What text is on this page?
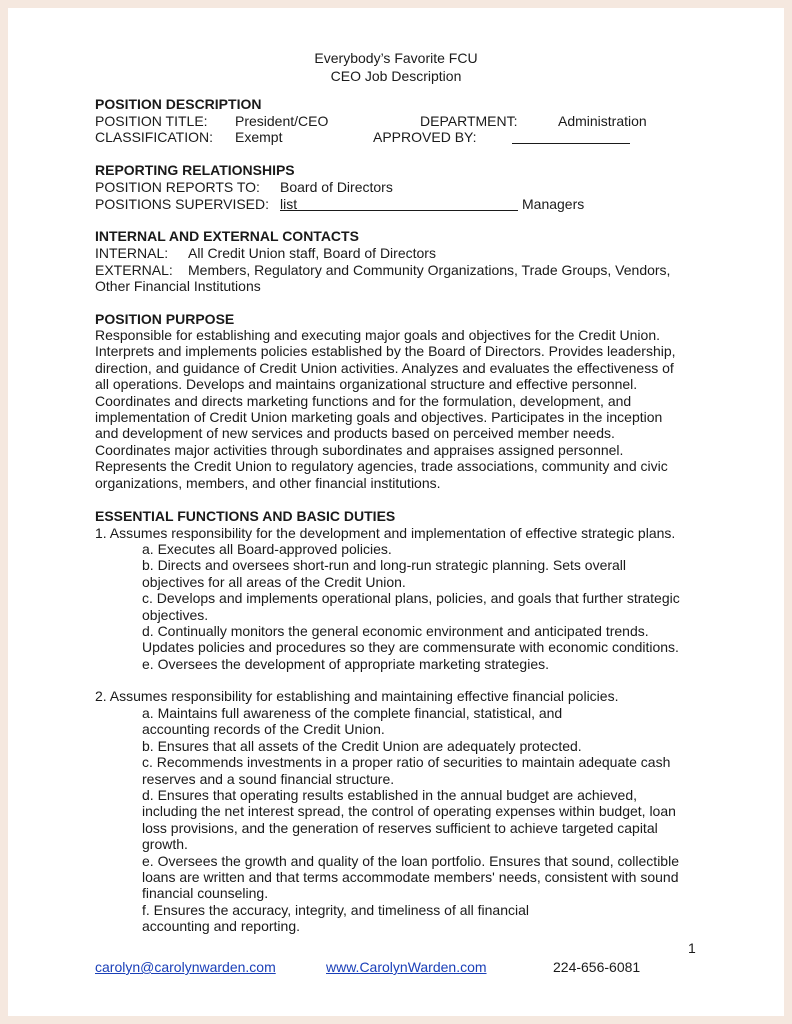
Everybody’s Favorite FCU
CEO Job Description
POSITION DESCRIPTION
POSITION TITLE: President/CEO	DEPARTMENT:	Administration
CLASSIFICATION: Exempt	APPROVED BY:
REPORTING RELATIONSHIPS
POSITION REPORTS TO: Board of Directors
POSITIONS SUPERVISED: list	Managers
INTERNAL AND EXTERNAL CONTACTS
INTERNAL: All Credit Union staff, Board of Directors
EXTERNAL: Members, Regulatory and Community Organizations, Trade Groups, Vendors,
Other Financial Institutions
POSITION PURPOSE
Responsible for establishing and executing major goals and objectives for the Credit Union.
Interprets and implements policies established by the Board of Directors. Provides leadership,
direction, and guidance of Credit Union activities. Analyzes and evaluates the effectiveness of
all operations. Develops and maintains organizational structure and effective personnel.
Coordinates and directs marketing functions and for the formulation, development, and
implementation of Credit Union marketing goals and objectives. Participates in the inception
and development of new services and products based on perceived member needs.
Coordinates major activities through subordinates and appraises assigned personnel.
Represents the Credit Union to regulatory agencies, trade associations, community and civic
organizations, members, and other financial institutions.
ESSENTIAL FUNCTIONS AND BASIC DUTIES
1. Assumes responsibility for the development and implementation of effective strategic plans.
a. Executes all Board-approved policies.
b. Directs and oversees short-run and long-run strategic planning. Sets overall
objectives for all areas of the Credit Union.
c. Develops and implements operational plans, policies, and goals that further strategic
objectives.
d. Continually monitors the general economic environment and anticipated trends.
Updates policies and procedures so they are commensurate with economic conditions.
e. Oversees the development of appropriate marketing strategies.
2. Assumes responsibility for establishing and maintaining effective financial policies.
a. Maintains full awareness of the complete financial, statistical, and
accounting records of the Credit Union.
b. Ensures that all assets of the Credit Union are adequately protected.
c. Recommends investments in a proper ratio of securities to maintain adequate cash
reserves and a sound financial structure.
d. Ensures that operating results established in the annual budget are achieved,
including the net interest spread, the control of operating expenses within budget, loan
loss provisions, and the generation of reserves sufficient to achieve targeted capital
growth.
e. Oversees the growth and quality of the loan portfolio. Ensures that sound, collectible
loans are written and that terms accommodate members' needs, consistent with sound
financial counseling.
f. Ensures the accuracy, integrity, and timeliness of all financial
accounting and reporting.
1
carolyn@carolynwarden.com	www.CarolynWarden.com	224-656-6081
